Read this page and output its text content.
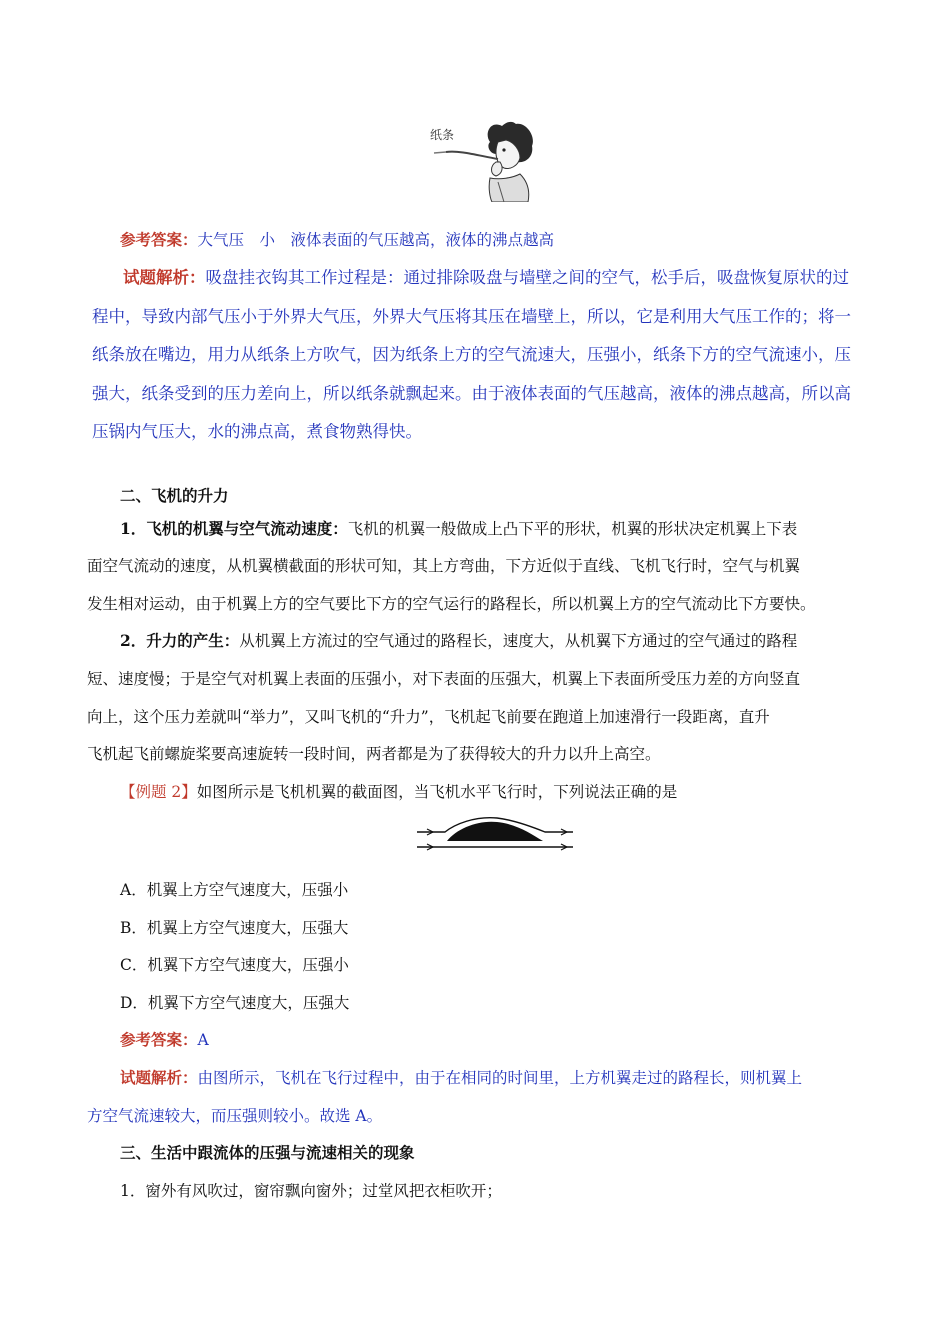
纸条
参考答案：大气压　小　液体表面的气压越高，液体的沸点越高
试题解析：吸盘挂衣钩其工作过程是：通过排除吸盘与墙壁之间的空气，松手后，吸盘恢复原状的过
程中，导致内部气压小于外界大气压，外界大气压将其压在墙壁上，所以，它是利用大气压工作的；将一
纸条放在嘴边，用力从纸条上方吹气，因为纸条上方的空气流速大，压强小，纸条下方的空气流速小，压
强大，纸条受到的压力差向上，所以纸条就飘起来。由于液体表面的气压越高，液体的沸点越高，所以高
压锅内气压大，水的沸点高，煮食物熟得快。
二、飞机的升力
1．飞机的机翼与空气流动速度：飞机的机翼一般做成上凸下平的形状，机翼的形状决定机翼上下表
面空气流动的速度，从机翼横截面的形状可知，其上方弯曲，下方近似于直线、飞机飞行时，空气与机翼
发生相对运动，由于机翼上方的空气要比下方的空气运行的路程长，所以机翼上方的空气流动比下方要快。
2．升力的产生：从机翼上方流过的空气通过的路程长，速度大，从机翼下方通过的空气通过的路程
短、速度慢；于是空气对机翼上表面的压强小，对下表面的压强大，机翼上下表面所受压力差的方向竖直
向上，这个压力差就叫“举力”，又叫飞机的“升力”，飞机起飞前要在跑道上加速滑行一段距离，直升
飞机起飞前螺旋桨要高速旋转一段时间，两者都是为了获得较大的升力以升上高空。
【例题 2】如图所示是飞机机翼的截面图，当飞机水平飞行时，下列说法正确的是
A．机翼上方空气速度大，压强小
B．机翼上方空气速度大，压强大
C．机翼下方空气速度大，压强小
D．机翼下方空气速度大，压强大
参考答案：A
试题解析：由图所示，飞机在飞行过程中，由于在相同的时间里，上方机翼走过的路程长，则机翼上
方空气流速较大，而压强则较小。故选 A。
三、生活中跟流体的压强与流速相关的现象
1．窗外有风吹过，窗帘飘向窗外；过堂风把衣柜吹开；
